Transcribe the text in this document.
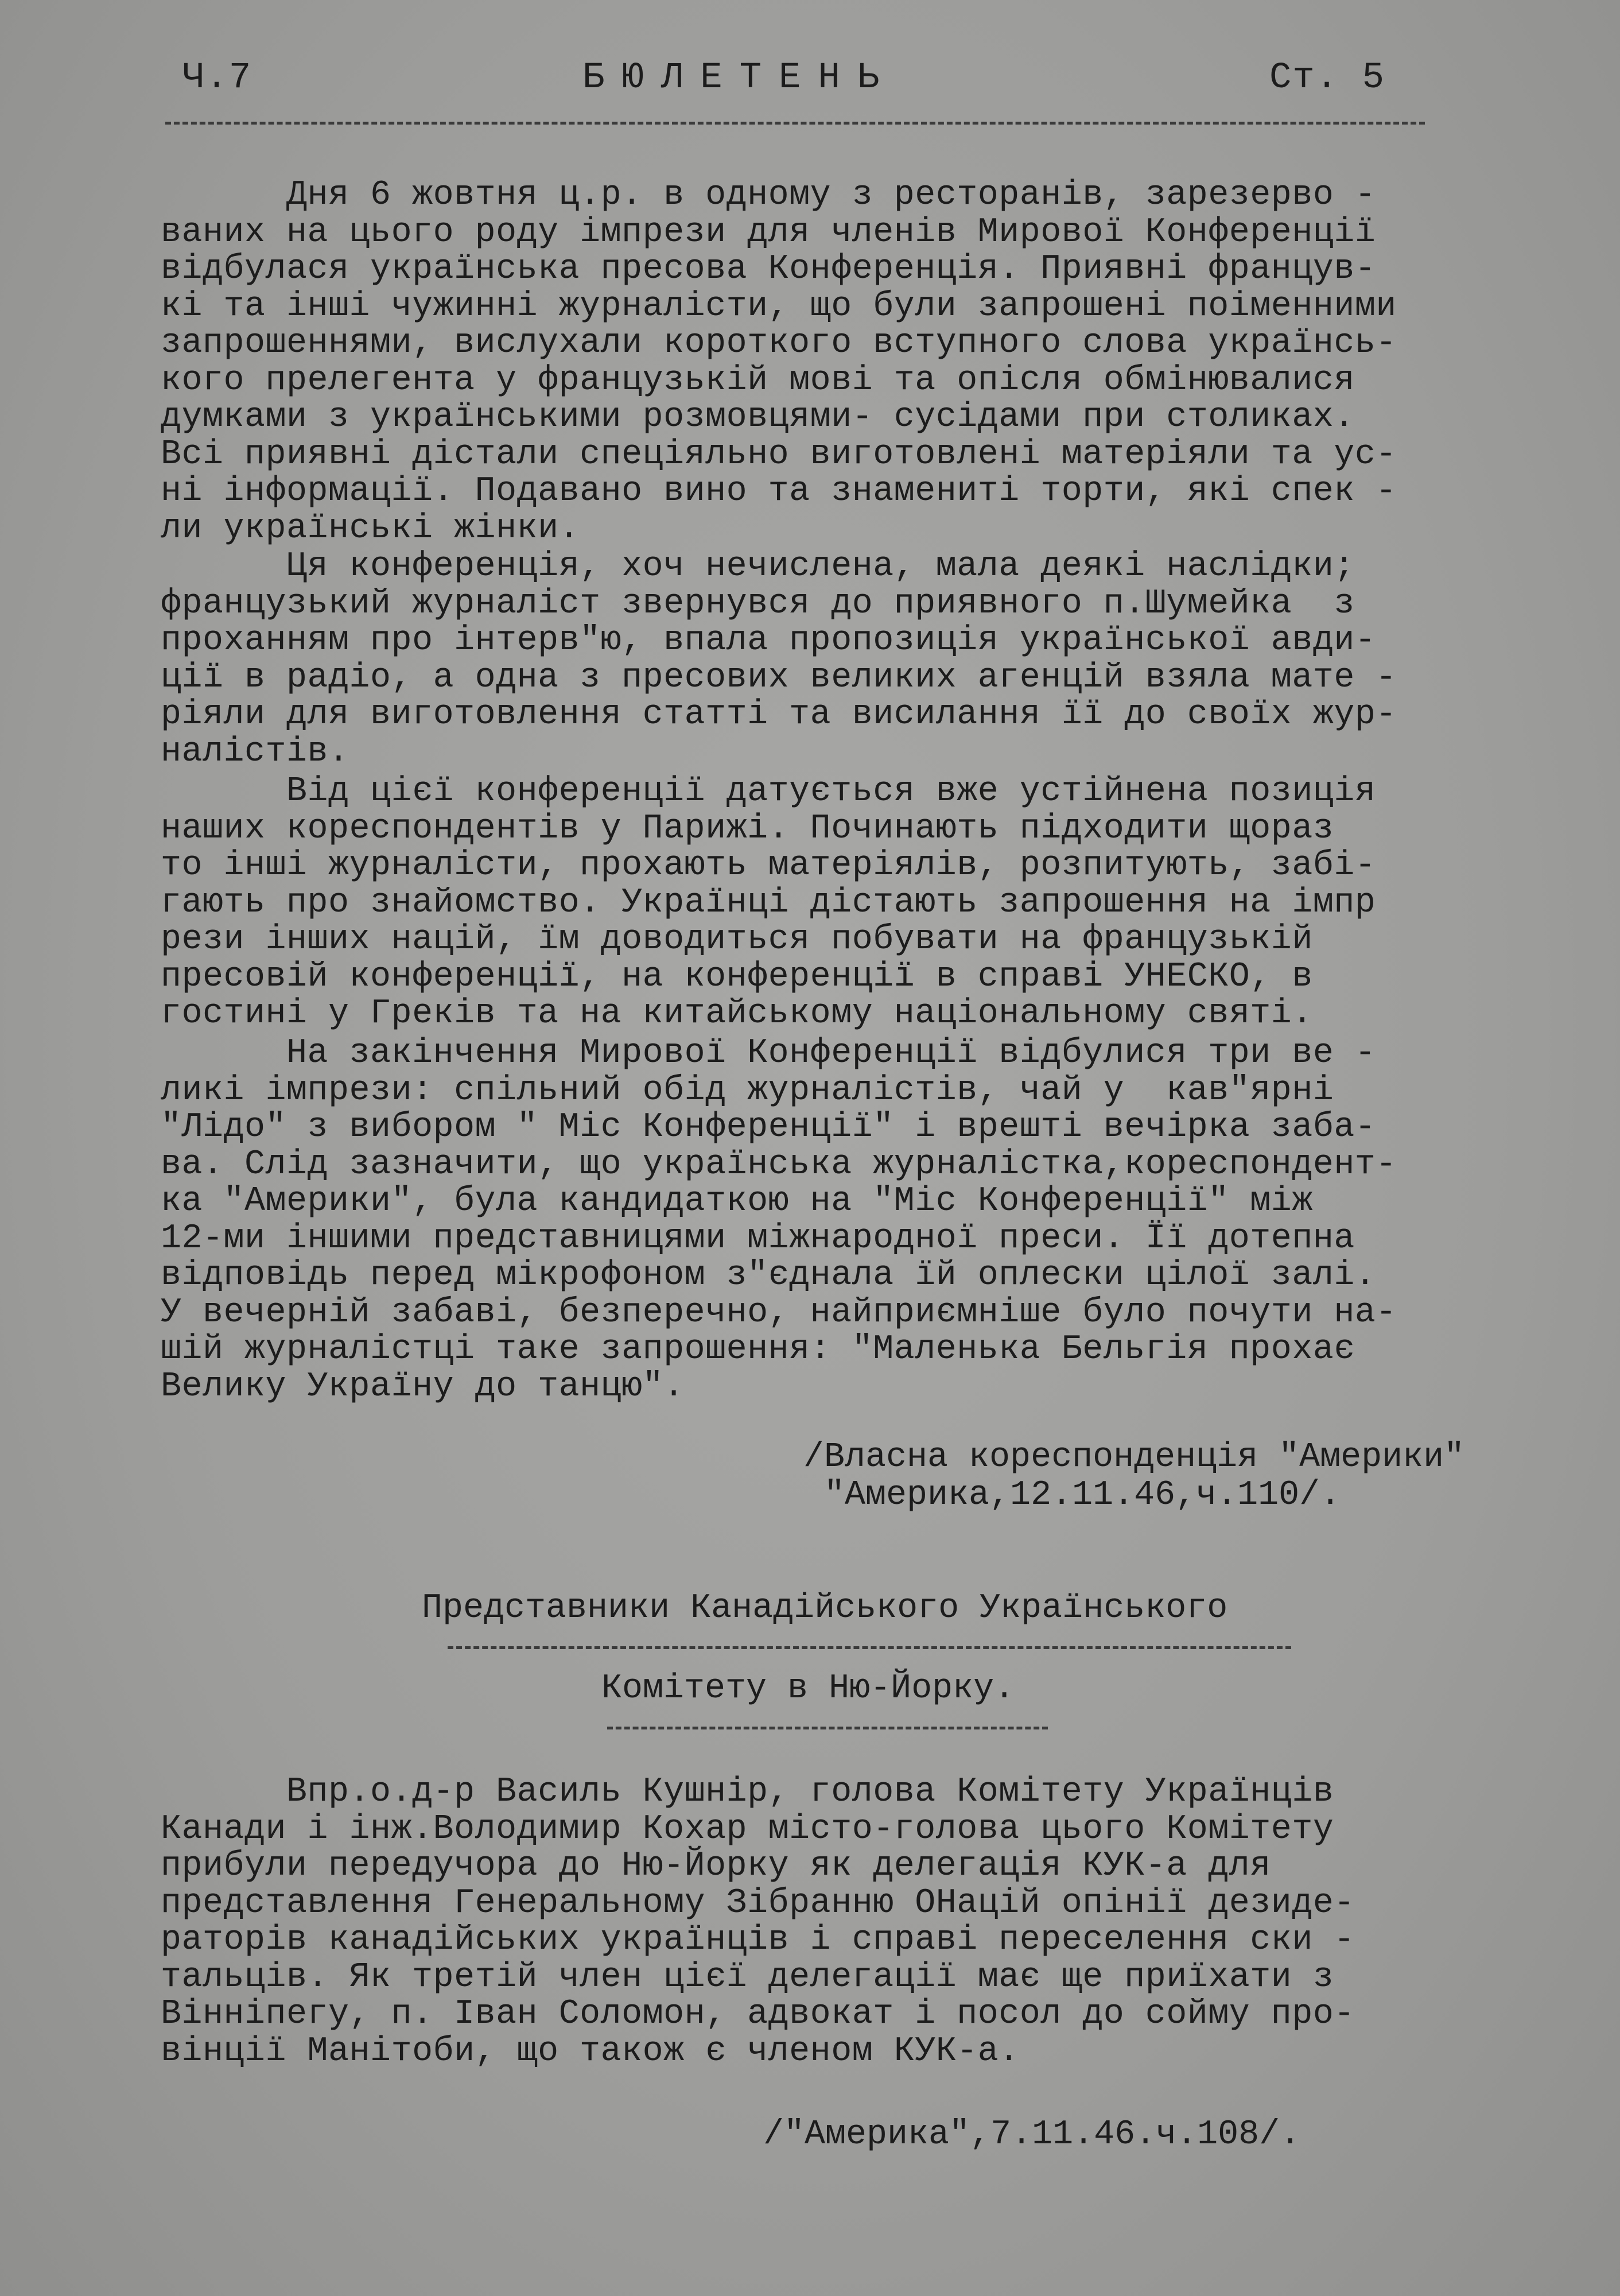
Ч.7	БЮЛЕТЕНЬ	Ст. 5
Дня 6 жовтня ц.р. в одному з ресторанів, зарезерво -
ваних на цього роду імпрези для членів Мирової Конференції
відбулася українська пресова Конференція. Приявні францув-
кі та інші чужинні журналісти, що були запрошені поіменними
запрошеннями, вислухали короткого вступного слова українсь-
кого прелегента у французькій мові та опісля обмінювалися
думками з українськими розмовцями- сусідами при столиках.
Всі приявні дістали спеціяльно виготовлені матеріяли та ус-
ні інформації. Подавано вино та знамениті торти, які спек -
ли українські жінки.
Ця конференція, хоч нечислена, мала деякі наслідки;
французький журналіст звернувся до приявного п.Шумейка  з
проханням про інтерв"ю, впала пропозиція української авди-
ції в радіо, а одна з пресових великих агенцій взяла мате -
ріяли для виготовлення статті та висилання її до своїх жур-
налістів.
Від цієї конференції датується вже устійнена позиція
наших кореспондентів у Парижі. Починають підходити щораз
то інші журналісти, прохають матеріялів, розпитують, забі-
гають про знайомство. Українці дістають запрошення на імпр
рези інших націй, їм доводиться побувати на французькій
пресовій конференції, на конференції в справі УНЕСКО, в
гостині у Греків та на китайському національному святі.
На закінчення Мирової Конференції відбулися три ве -
ликі імпрези: спільний обід журналістів, чай у  кав"ярні
"Лідо" з вибором " Міс Конференції" і врешті вечірка заба-
ва. Слід зазначити, що українська журналістка,кореспондент-
ка "Америки", була кандидаткою на "Міс Конференції" між
12-ми іншими представницями міжнародної преси. Її дотепна
відповідь перед мікрофоном з"єднала їй оплески цілої залі.
У вечерній забаві, безперечно, найприємніше було почути на-
шій журналістці таке запрошення: "Маленька Бельгія прохає
Велику Україну до танцю".
/Власна кореспонденція "Америки"
"Америка,12.11.46,ч.110/.
Представники Канадійського Українського
Комітету в Ню-Йорку.
Впр.о.д-р Василь Кушнір, голова Комітету Українців
Канади і інж.Володимир Кохар місто-голова цього Комітету
прибули передучора до Ню-Йорку як делегація КУК-а для
представлення Генеральному Зібранню ОНацій опінії дезиде-
раторів канадійських українців і справі переселення ски -
тальців. Як третій член цієї делегації має ще приїхати з
Вінніпегу, п. Іван Соломон, адвокат і посол до сойму про-
вінції Манітоби, що також є членом КУК-а.
/"Америка",7.11.46.ч.108/.
